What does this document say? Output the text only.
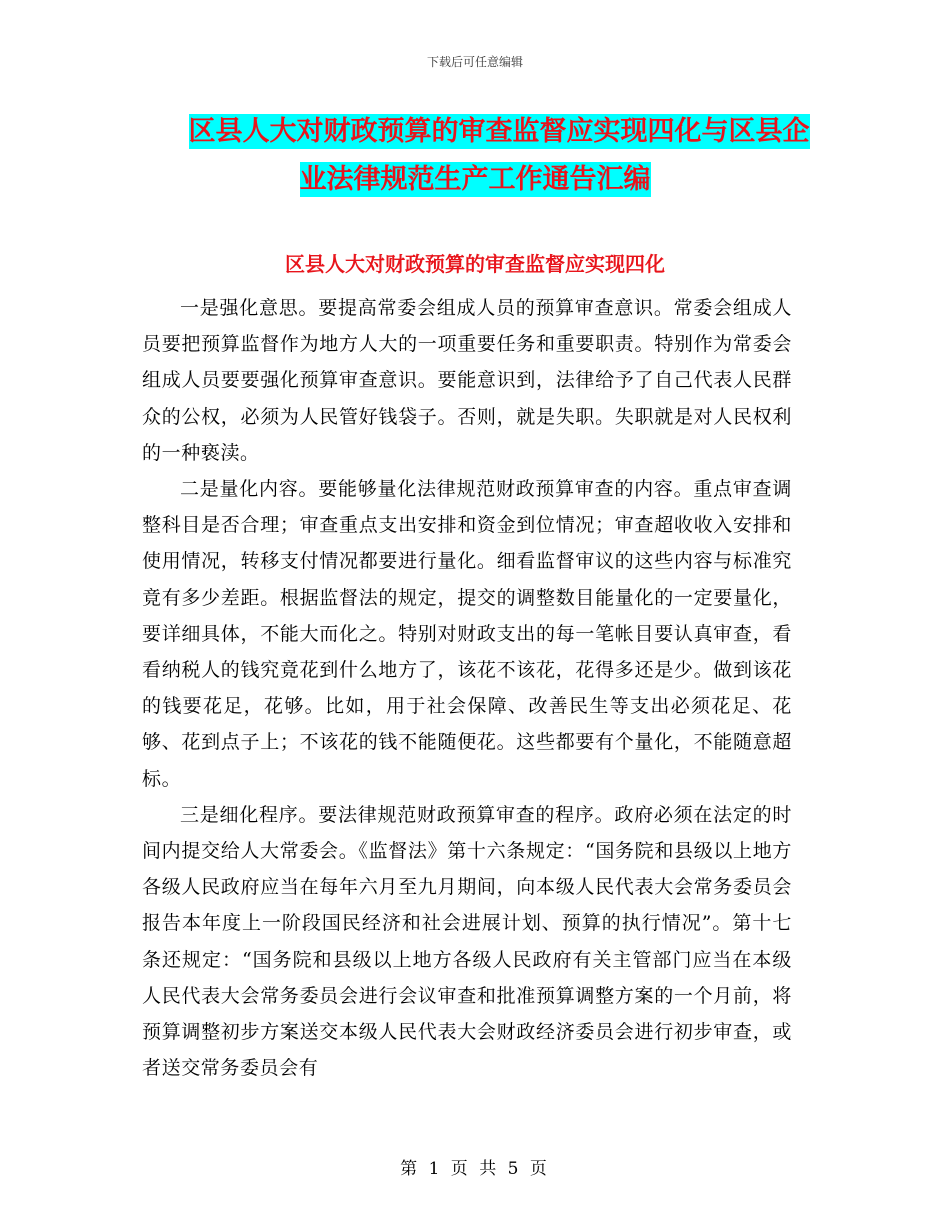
下载后可任意编辑
区县人大对财政预算的审查监督应实现四化与区县企
业法律规范生产工作通告汇编
区县人大对财政预算的审查监督应实现四化

一是强化意思。要提高常委会组成人员的预算审查意识。常委会组成人员要把预算监督作为地方人大的一项重要任务和重要职责。特别作为常委会组成人员要要强化预算审查意识。要能意识到，法律给予了自己代表人民群众的公权，必须为人民管好钱袋子。否则，就是失职。失职就是对人民权利的一种亵渎。

二是量化内容。要能够量化法律规范财政预算审查的内容。重点审查调整科目是否合理；审查重点支出安排和资金到位情况；审查超收收入安排和使用情况，转移支付情况都要进行量化。细看监督审议的这些内容与标准究竟有多少差距。根据监督法的规定，提交的调整数目能量化的一定要量化，要详细具体，不能大而化之。特别对财政支出的每一笔帐目要认真审查，看看纳税人的钱究竟花到什么地方了，该花不该花，花得多还是少。做到该花的钱要花足，花够。比如，用于社会保障、改善民生等支出必须花足、花够、花到点子上；不该花的钱不能随便花。这些都要有个量化，不能随意超标。

三是细化程序。要法律规范财政预算审查的程序。政府必须在法定的时间内提交给人大常委会。《监督法》第十六条规定：“国务院和县级以上地方各级人民政府应当在每年六月至九月期间，向本级人民代表大会常务委员会报告本年度上一阶段国民经济和社会进展计划、预算的执行情况”。第十七条还规定：“国务院和县级以上地方各级人民政府有关主管部门应当在本级人民代表大会常务委员会进行会议审查和批准预算调整方案的一个月前，将预算调整初步方案送交本级人民代表大会财政经济委员会进行初步审查，或者送交常务委员会有

第 1 页 共 5 页
